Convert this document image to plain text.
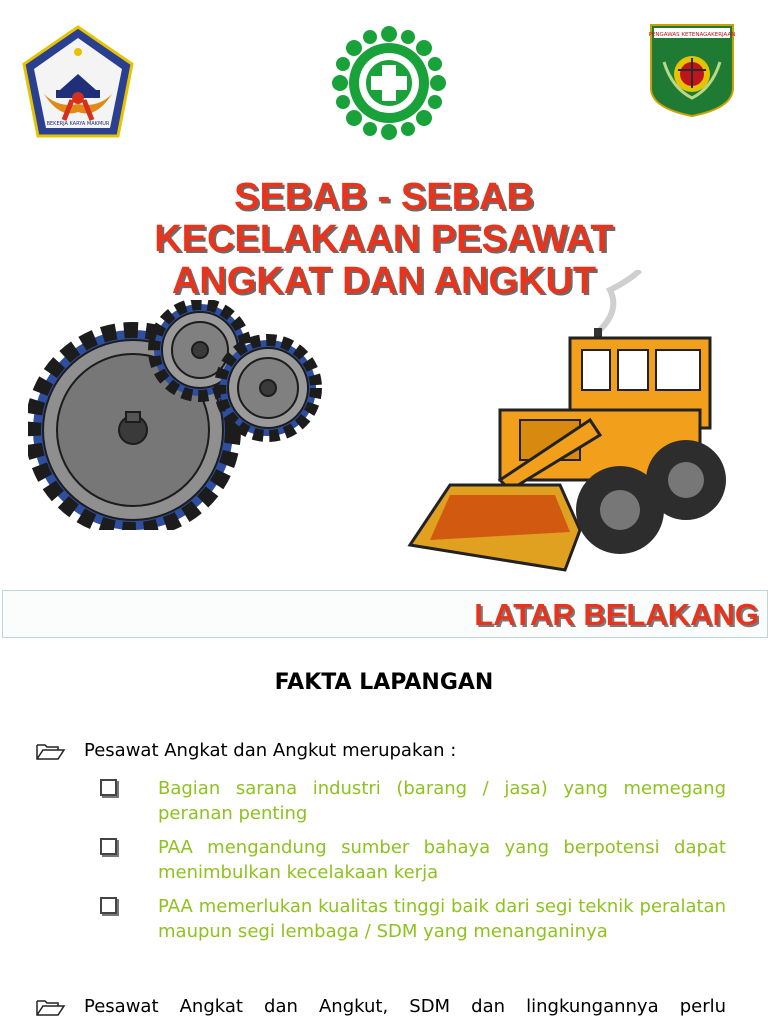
BEKERJA KARYA MAKMUR
PENGAWAS KETENAGAKERJAAN
SEBAB - SEBAB
KECELAKAAN PESAWAT
ANGKAT DAN ANGKUT
LATAR BELAKANG
FAKTA LAPANGAN
Pesawat Angkat dan Angkut merupakan :
Bagian sarana industri (barang / jasa) yang memegang peranan penting
PAA mengandung sumber bahaya yang berpotensi dapat menimbulkan kecelakaan kerja
PAA memerlukan kualitas tinggi baik dari segi teknik peralatan maupun segi lembaga / SDM yang menanganinya
Pesawat Angkat dan Angkut, SDM dan lingkungannya perlu
